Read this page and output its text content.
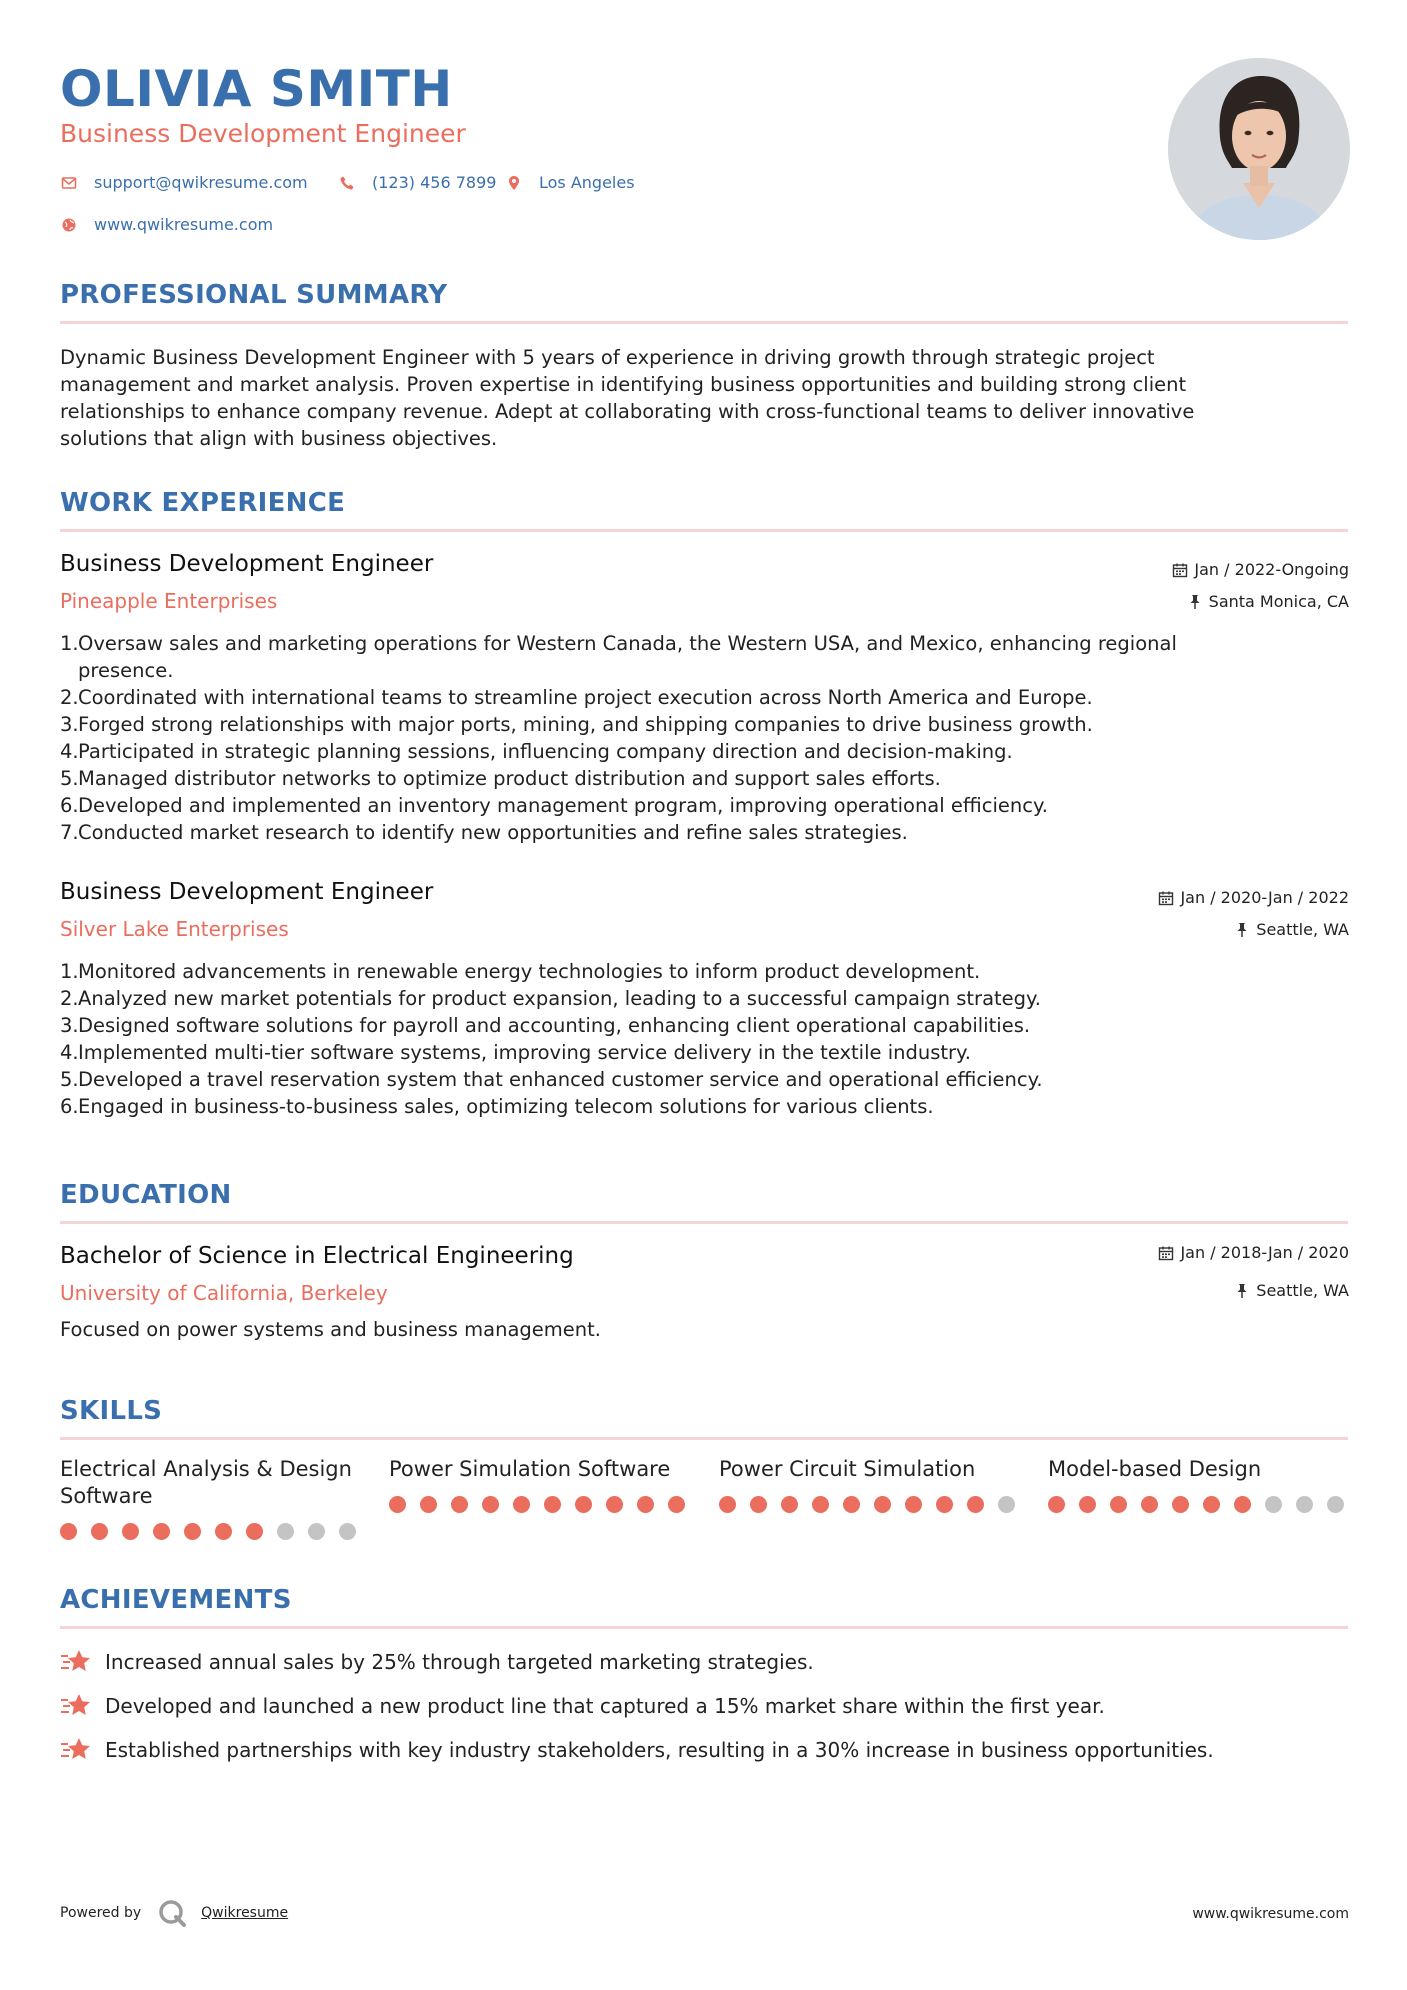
OLIVIA SMITH
Business Development Engineer
support@qwikresume.com	(123) 456 7899	Los Angeles
www.qwikresume.com
PROFESSIONAL SUMMARY
Dynamic Business Development Engineer with 5 years of experience in driving growth through strategic project
management and market analysis. Proven expertise in identifying business opportunities and building strong client
relationships to enhance company revenue. Adept at collaborating with cross-functional teams to deliver innovative
solutions that align with business objectives.
WORK EXPERIENCE
Business Development Engineer
Pineapple Enterprises
Jan / 2022-Ongoing
Santa Monica, CA
1. Oversaw sales and marketing operations for Western Canada, the Western USA, and Mexico, enhancing regional
presence.
2. Coordinated with international teams to streamline project execution across North America and Europe.
3. Forged strong relationships with major ports, mining, and shipping companies to drive business growth.
4. Participated in strategic planning sessions, influencing company direction and decision-making.
5. Managed distributor networks to optimize product distribution and support sales efforts.
6. Developed and implemented an inventory management program, improving operational efficiency.
7. Conducted market research to identify new opportunities and refine sales strategies.
Business Development Engineer
Silver Lake Enterprises
Jan / 2020-Jan / 2022
Seattle, WA
1. Monitored advancements in renewable energy technologies to inform product development.
2. Analyzed new market potentials for product expansion, leading to a successful campaign strategy.
3. Designed software solutions for payroll and accounting, enhancing client operational capabilities.
4. Implemented multi-tier software systems, improving service delivery in the textile industry.
5. Developed a travel reservation system that enhanced customer service and operational efficiency.
6. Engaged in business-to-business sales, optimizing telecom solutions for various clients.
EDUCATION
Bachelor of Science in Electrical Engineering
University of California, Berkeley
Jan / 2018-Jan / 2020
Seattle, WA
Focused on power systems and business management.
SKILLS
Electrical Analysis & Design
Software
Power Simulation Software	Power Circuit Simulation	Model-based Design
ACHIEVEMENTS
Increased annual sales by 25% through targeted marketing strategies.
Developed and launched a new product line that captured a 15% market share within the first year.
Established partnerships with key industry stakeholders, resulting in a 30% increase in business opportunities.
Powered by	Qwikresume	www.qwikresume.com
